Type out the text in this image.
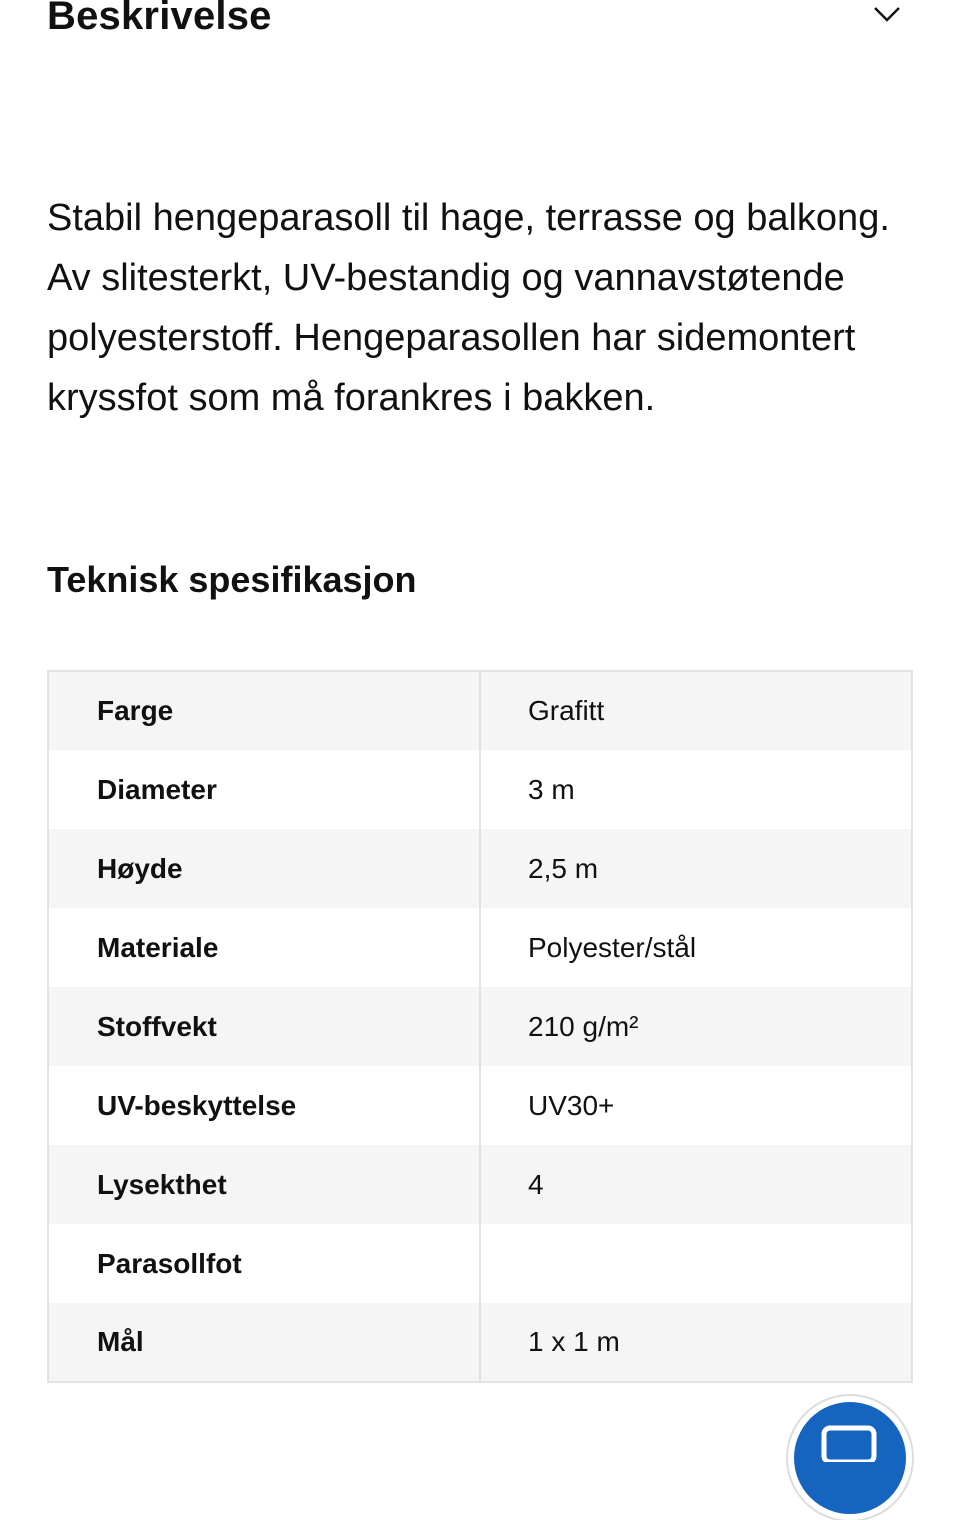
Beskrivelse

Stabil hengeparasoll til hage, terrasse og balkong. Av slitesterkt, UV-bestandig og vannavstøtende polyesterstoff. Hengeparasollen har sidemontert kryssfot som må forankres i bakken.

Teknisk spesifikasjon
Farge	Grafitt
Diameter	3 m
Høyde	2,5 m
Materiale	Polyester/stål
Stoffvekt	210 g/m²
UV-beskyttelse	UV30+
Lysekthet	4
Parasollfot	
Mål	1 x 1 m
